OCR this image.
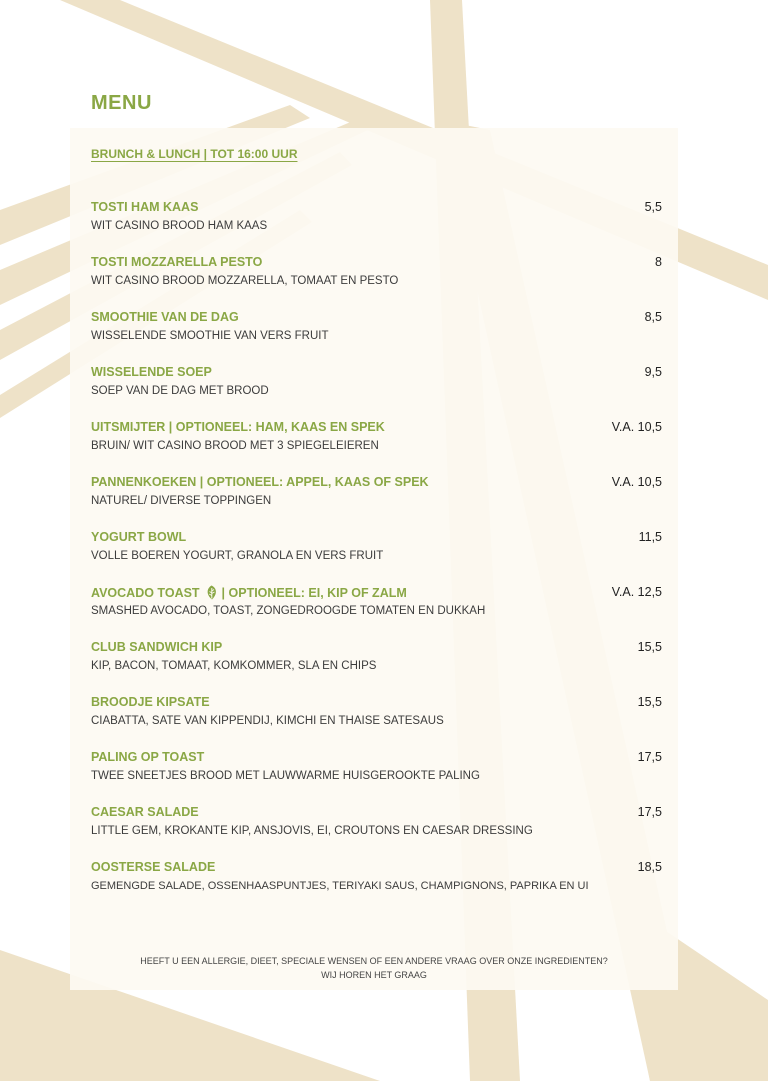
MENU
BRUNCH & LUNCH | TOT 16:00 UUR
TOSTI HAM KAAS	5,5
WIT CASINO BROOD HAM KAAS
TOSTI MOZZARELLA PESTO	8
WIT CASINO BROOD MOZZARELLA, TOMAAT EN PESTO
SMOOTHIE VAN DE DAG	8,5
WISSELENDE SMOOTHIE VAN VERS FRUIT
WISSELENDE SOEP	9,5
SOEP VAN DE DAG MET BROOD
UITSMIJTER | OPTIONEEL: HAM, KAAS EN SPEK	V.A. 10,5
BRUIN/ WIT CASINO BROOD MET 3 SPIEGELEIEREN
PANNENKOEKEN | OPTIONEEL: APPEL, KAAS OF SPEK	V.A. 10,5
NATUREL/ DIVERSE TOPPINGEN
YOGURT BOWL	11,5
VOLLE BOEREN YOGURT, GRANOLA EN VERS FRUIT
AVOCADO TOAST | OPTIONEEL: EI, KIP OF ZALM	V.A. 12,5
SMASHED AVOCADO, TOAST, ZONGEDROOGDE TOMATEN EN DUKKAH
CLUB SANDWICH KIP	15,5
KIP, BACON, TOMAAT, KOMKOMMER, SLA EN CHIPS
BROODJE KIPSATE	15,5
CIABATTA, SATE VAN KIPPENDIJ, KIMCHI EN THAISE SATESAUS
PALING OP TOAST	17,5
TWEE SNEETJES BROOD MET LAUWWARME HUISGEROOKTE PALING
CAESAR SALADE	17,5
LITTLE GEM, KROKANTE KIP, ANSJOVIS, EI, CROUTONS EN CAESAR DRESSING
OOSTERSE SALADE	18,5
GEMENGDE SALADE, OSSENHAASPUNTJES, TERIYAKI SAUS, CHAMPIGNONS, PAPRIKA EN UI
HEEFT U EEN ALLERGIE, DIEET, SPECIALE WENSEN OF EEN ANDERE VRAAG OVER ONZE INGREDIENTEN?
WIJ HOREN HET GRAAG
